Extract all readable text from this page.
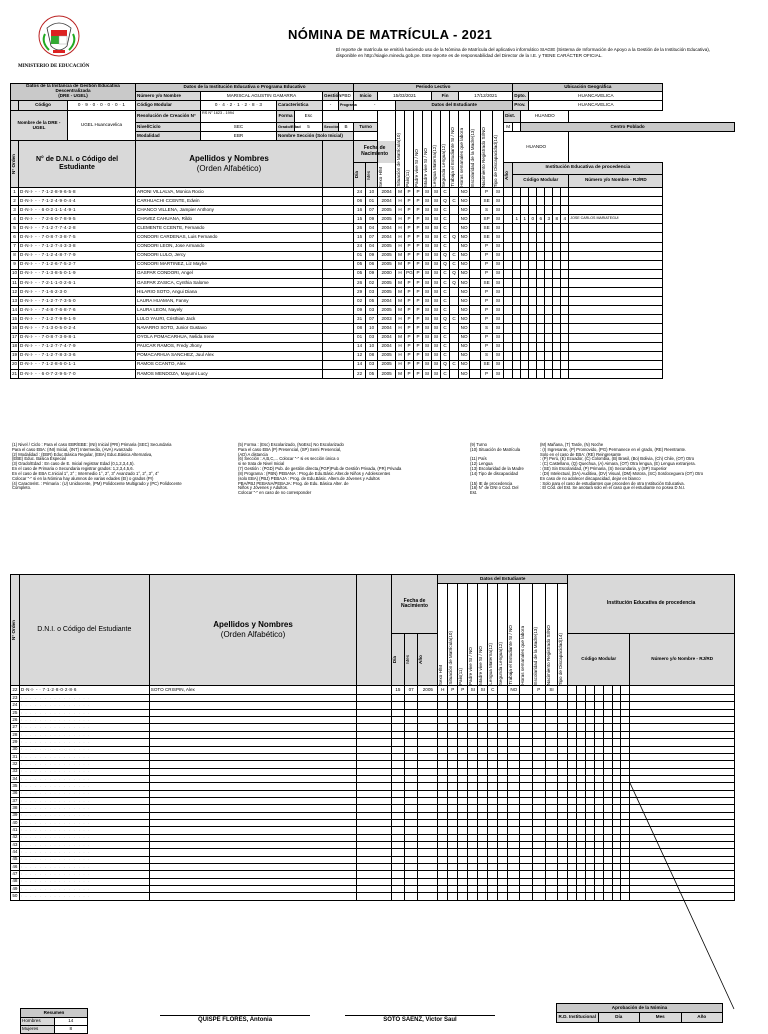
MINISTERIO DE EDUCACIÓN
NÓMINA DE MATRÍCULA - 2021
El reporte de matrícula se emitirá haciendo uso de la Nómina de Matrícula del aplicativo informático SIAGIE (Sistema de Información de Apoyo a la Gestión de la Institución Educativa), disponible en http://siagie.minedu.gob.pe. Este reporte es de responsabilidad del Director de la I.E. y TIENE CARÁCTER OFICIAL.
Datos de la Instancia de Gestión Educativa Descentralizada
(DRE - UGEL)			Datos de la Institución Educativa o Programa Educativo						Periodo Lectivo															Ubicación Geográfica							
			Número y/o Nombre	MARISCAL AGUSTIN GAMARRA			Gestión	PBD	Inicio		15/03/2021					Fin			17/12/2021					Dpto.		HUANCAVELICA					
	Código	0 · 9 · 0 · 0 · 0 · 0 · 1	Código Modular	0 · 4 · 2 · 1 · 2 · 8 · 3	Característica		-	Programa	-			Datos del Estudiante												Prov.		HUANCAVELICA					
Nombre de la DRE - UGEL		UGEL Huancavelica	Resolución de Creación N°	RS N° 1623 - 1994	Forma	Esc					Sexo H/M	Situación de Matrícula(10)	País(11)	Padre vive SI / NO	Madre vive SI / NO	Lengua Materna(12)	Segunda Lengua(12)	Trabaja el Estudiante SI / NO	Horas semanales que labora	Escolaridad de la Madre(13)	Nacimiento Registrado SI/NO	Tipo de Discapacidad(14)	Dist.		HUANDO						
			Nivel/Ciclo	SEC	Grado/Edad	5	Sección	B	Turno														M		Centro Poblado						
			Modalidad	EBR	Nombre Sección (Solo Inicial)																		HUANDO								

N° Orden	N° de D.N.I. o Código del Estudiante		Apellidos y Nombres
(Orden Alfabético)						Fecha de Nacimiento																						

									Día	Mes													Año	Institución Educativa de procedencia
Código Modular Número y/o Nombre - RJ/RD							

1	D·N·I· - · 7·1·2·8·9·6·5·8		ARONI VILLALVA, Monica Rocio						24	10	2004	M	P	P	SI	SI	C		NO		P	SI									
2	D·N·I· - · 7·1·2·4·9·0·4·4		CARHUACHI CCENTE, Edwin						06	01	2004	H	P	P	SI	SI	Q	C	NO		SE	SI									
3	D·N·I· - · 6·0·2·1·1·4·9·1		CHANCO VILLENA, Jampier Anthony						16	07	2005	H	P	P	SI	SI	C		NO		S	SI									
4	D·N·I· - · 7·2·6·0·7·8·9·5		CHAVEZ CAHUANA, Rildo						15	09	2005	H	P	P	SI	SI	C		NO		SP	SI		1	1	0	6	3	8	4	JOSE CARLOS MARIATEGUI
5	D·N·I· - · 7·1·2·7·7·4·2·8		CLEMENTE CCENTE, Fernando						26	04	2004	H	P	P	SI	SI	C		NO		SE	SI									
6	D·N·I· - · 7·0·8·7·3·8·7·5		CONDORI CARDENAS, Luis Fernando						15	07	2004	H	P	P	SI	SI	C	Q	NO		SE	SI									
7	D·N·I· - · 7·1·2·7·4·3·3·8		CONDORI LEON, Jose Armando						24	04	2005	H	P	P	SI	SI	C		NO		P	SI									
8	D·N·I· - · 7·1·2·4·8·7·7·9		CONDORI LULO, Jercy						01	09	2005	M	P	P	SI	SI	Q	C	NO		P	SI									
9	D·N·I· - · 7·1·2·6·7·5·2·7		CONDORI MARTINEZ, Liz Mayhe						05	06	2005	M	P	P	SI	SI	Q	C	NO		P	SI									
10	D·N·I· - · 7·1·3·8·5·0·1·9		GASPAR CONDORI, Angel						05	09	2000	H	PG	P	SI	SI	C	Q	NO		P	SI									
11	D·N·I· - · 7·2·1·1·0·2·6·1		GASPAR ZASICA, Cynthia Salome						26	02	2005	M	P	P	SI	SI	C	Q	NO		SE	SI									
12	D·N·I· - · 7·1·6·2·3·0		HILARIO SOTO, Angui Diana						29	03	2005	M	P	P	SI	SI	C		NO		P	SI									
13	D·N·I· - · 7·1·2·7·7·3·5·0		LAURA HUAMAN, Fanny						02	05	2004	M	P	P	SI	SI	C		NO		P	SI									
14	D·N·I· - · 7·4·8·7·6·8·7·6		LAURA LEON, Nayely						09	03	2005	M	P	P	SI	SI	C		NO		P	SI									
15	D·N·I· - · 7·1·2·7·9·9·1·9		LULO YAURI, Cristhian Jack						31	07	2003	H	P	P	SI	SI	Q	C	NO		P	SI									
16	D·N·I· - · 7·1·3·0·5·0·2·4		NAVARRO SOTO, Junior Gustavo						08	10	2004	H	P	P	SI	SI	C		NO		S	SI									
17	D·N·I· - · 7·0·8·7·3·9·8·1		OYOLA POMACARHUA, Nelida Irene						01	03	2004	M	P	P	SI	SI	C		NO		P	SI									
18	D·N·I· - · 7·1·2·7·7·4·7·9		PAUCAR RAMOS, Fredy Jhony						14	10	2004	H	P	P	SI	SI	C		NO		P	SI									
19	D·N·I· - · 7·1·2·7·8·3·3·6		POMACARHUA SANCHEZ, Juul Alex						12	08	2005	H	P	P	SI	SI	C		NO		S	SI									
20	D·N·I· - · 7·1·2·8·6·0·1·1		RAMOS CCANTO, Alex						14	03	2005	H	P	P	SI	SI	Q	C	NO		SE	SI									
21	D·N·I· - · 6·0·7·2·9·5·7·0		RAMOS MENDOZA, Mayumi Lucy						22	05	2005	M	P	P	SI	SI	C		NO		P	SI									
(1) Nivel / Ciclo : Para el caso EBR/EBE: (INI) Inicial (PRI) Primaria (SEC) Secundaria
Para el caso EBA: (INI) Inicial, (INT) Intermedio, (AVA) Avanzado
(2) Modalidad : (EBR) Educ.Básica Regular, (EBA) Educ.Básica Alternativa,
(EBE) Educ. Básica Especial
(3) Grado/Edad : En caso de E. Inicial registrar Edad (0,1,2,3,4,5).
En el caso de Primaria o Secundaria registrar grados: 1,2,3,4,5,6.
En el caso de EBA C.Inicial 1°, 2° ; Intermedio 1°, 2°, 3° Avanzado 1°, 2°, 3°, 4°
Colocar "-" si en la Nómina hay alumnos de varias edades (EI) o grados (Pr)
(4) Caracterist. : Primaria : (U) Unidocente, (PM) Polidocente Multigrado y (PC) Polidocente
Completo.
(5) Forma : (Esc) Escolarizado, (NoEsc) No Escolarizado
Para el caso EBA (P) Presencial, (SP) Semi Presencial,
(AD) A distancia
(6) Sección : A,B,C,... Colocar "-" si es sección única o
si se trata de Nivel Inicial
(7) Gestión : (PGD) Pub. de gestión directa,(PGP)Pub.de Gestión Privada, (PR) Privada
(8) Programa : (PBN) PEBANA : Prog.de Edu.Básic.Alter.de Niños y Adolescentes
(solo EBA) (PBJ) PEBAJA : Prog. de Edu.Básic. Altern.de Jóvenes y Adultos
PBA/PBJ PEBANA/PEBAJA: Prog. de Edu. Básica Alter. de
Niños y Jóvenes y Adultos.
Colocar "-" en caso de no corresponder
(9) Turno
(10) Situación de Matrícula

(11) País
(12) Lengua
(13) Escolaridad de la Madre
(14) Tipo de discapacidad

(15) IE de procedencia
(16) N° de DNI o Cod. Del
Est.
(M) Mañana, (T) Tarde, (N) Noche
: (I) Ingresante, (P) Promovido, (PG) Permanece en el grado, (RE) Reentrante.
Solo en el caso de EBA: (RE) Reingresante
: (P) Perú, (E) Ecuador, (C) Colombia, (B) Brasil, (Bo) Bolivia, (Ch) Chile, (OT) Otro
: (C) Castellano, (Q) Quechua, (A) Aimara, (OT) Otra lengua, (E) Lengua extranjera.
: (SE) Sin Escolaridad, (P) Primaria, (S) Secundaria, y (SP) Superior
: (DI) Intelectual, (DA) Auditiva, (DV) Visual, (DM) Motora, (SC) Sordoceguera (OT) Otro
En caso de no adolecer discapacidad, dejar en blanco
: Solo para el caso de estudiantes que proceden de otra Institución Educativa.
: El Cód. del Est. Se anotará solo en el caso que el estudiante no posea D.N.I.
N° Orden	D.N.I. o Código del Estudiante	Apellidos y Nombres
(Orden Alfabético)		Fecha de Nacimiento			Datos del Estudiante												Institución Educativa de procedencia							

							Sexo H/M	Situación de Matrícula(10)	País(11)	Padre vive SI / NO	Madre vive SI / NO	Lengua Materna(12)	Segunda Lengua(12)	Trabaja el Estudiante SI / NO	Horas semanales que labora	Escolaridad de la Madre(13)	Nacimiento Registrado SI/NO	Tipo de Discapacidad(14)								

				Día	Mes	Año													Código Modular							Número y/o Nombre - RJ/RD
22	D·N·I· - · 7·1·2·8·0·2·8·6	SOTO CRISPIN, Alex		15	07	2005	H	P	P	SI	SI	C		NO		P	SI									
23	: · · · · · · · · · · · · · ·																									
24	: · · · · · · · · · · · · · ·																									
25	: · · · · · · · · · · · · · ·																									
26	: · · · · · · · · · · · · · ·																									
27	: · · · · · · · · · · · · · ·																									
28	: · · · · · · · · · · · · · ·																									
29	: · · · · · · · · · · · · · ·																									
30	: · · · · · · · · · · · · · ·																									
31	: · · · · · · · · · · · · · ·																									
32	: · · · · · · · · · · · · · ·																									
33	: · · · · · · · · · · · · · ·																									
34	: · · · · · · · · · · · · · ·																									
35	: · · · · · · · · · · · · · ·																									
36	: · · · · · · · · · · · · · ·																									
37	: · · · · · · · · · · · · · ·																									
38	: · · · · · · · · · · · · · ·																									
39	: · · · · · · · · · · · · · ·																									
40	: · · · · · · · · · · · · · ·																									
41	: · · · · · · · · · · · · · ·																									
42	: · · · · · · · · · · · · · ·																									
43	: · · · · · · · · · · · · · ·																									
44	: · · · · · · · · · · · · · ·																									
45	: · · · · · · · · · · · · · ·																									
46	: · · · · · · · · · · · · · ·																									
47	: · · · · · · · · · · · · · ·																									
48	: · · · · · · · · · · · · · ·																									
49	: · · · · · · · · · · · · · ·																									
50	: · · · · · · · · · · · · · ·																									
Resumen	
Hombres	14
Mujeres	8
QUISPE FLORES, Antonia	SOTO SAENZ, Victor Saul
Aprobación de la Nómina
R.D. Institucional	Día	Mes	Año
